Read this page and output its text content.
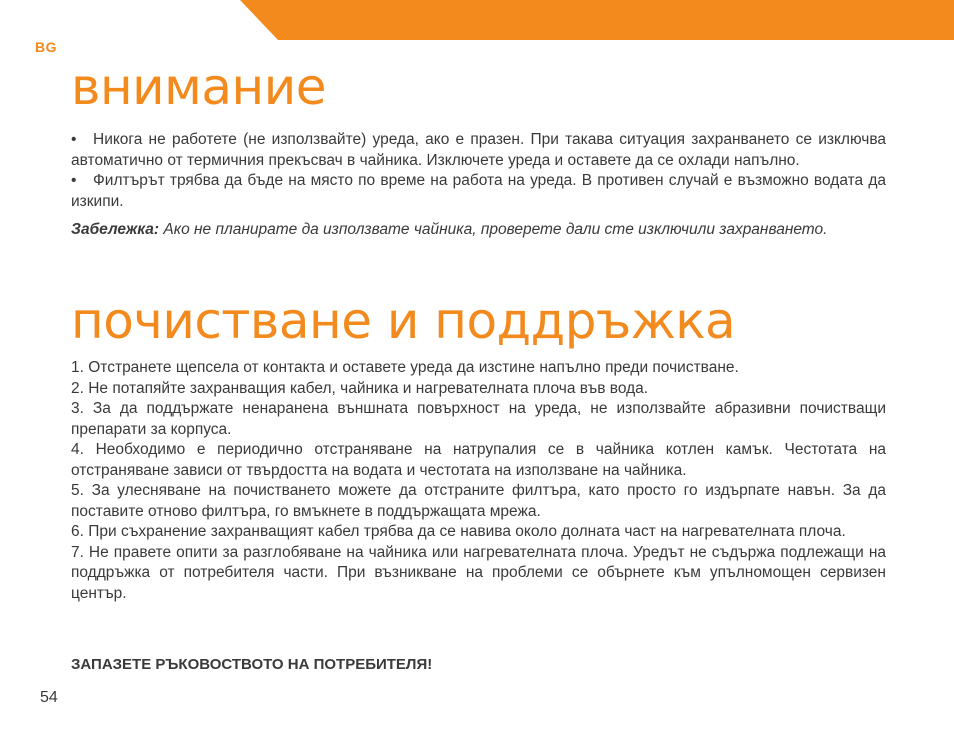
BG
внимание

• Никога не работете (не използвайте) уреда, ако е празен. При такава ситуация захранването се изключва автоматично от термичния прекъсвач в чайника. Изключете уреда и оставете да се охлади напълно.

• Филтърът трябва да бъде на място по време на работа на уреда. В противен случай е възможно водата да изкипи.

Забележка: Ако не планирате да използвате чайника, проверете дали сте изключили захранването.

почистване и поддръжка

1. Отстранете щепсела от контакта и оставете уреда да изстине напълно преди почистване.

2. Не потапяйте захранващия кабел, чайника и нагревателната плоча във вода.

3. За да поддържате ненаранена външната повърхност на уреда, не използвайте абразивни почистващи препарати за корпуса.

4. Необходимо е периодично отстраняване на натрупалия се в чайника котлен камък. Честотата на отстраняване зависи от твърдостта на водата и честотата на използване на чайника.

5. За улесняване на почистването можете да отстраните филтъра, като просто го издърпате навън. За да поставите отново филтъра, го вмъкнете в поддържащата мрежа.

6. При съхранение захранващият кабел трябва да се навива около долната част на нагревателната плоча.

7. Не правете опити за разглобяване на чайника или нагревателната плоча. Уредът не съдържа подлежащи на поддръжка от потребителя части. При възникване на проблеми се обърнете към упълномощен сервизен център.

ЗАПАЗЕТЕ РЪКОВОСТВОТО НА ПОТРЕБИТЕЛЯ!
54
